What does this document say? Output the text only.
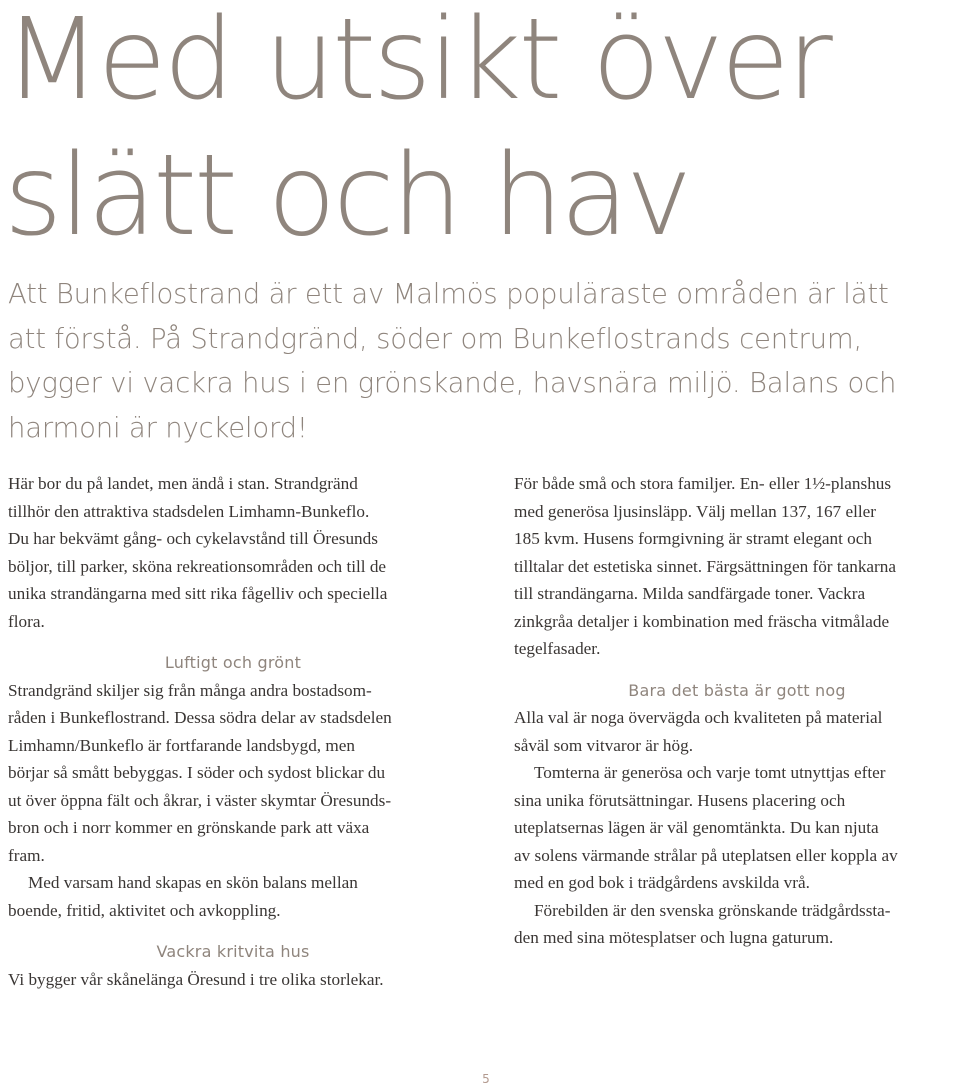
Med utsikt över
slätt och hav

Att Bunkeflostrand är ett av Malmös populäraste områden är lätt
att förstå. På Strandgränd, söder om Bunkeflostrands centrum,
bygger vi vackra hus i en grönskande, havsnära miljö. Balans och
harmoni är nyckelord!

Här bor du på landet, men ändå i stan. Strandgränd
tillhör den attraktiva stadsdelen Limhamn-Bunkeflo.
Du har bekvämt gång- och cykelavstånd till Öresunds
böljor, till parker, sköna rekreationsområden och till de
unika strandängarna med sitt rika fågelliv och speciella
flora.
Luftigt och grönt
Strandgränd skiljer sig från många andra bostadsom-
råden i Bunkeflostrand. Dessa södra delar av stadsdelen
Limhamn/Bunkeflo är fortfarande landsbygd, men
börjar så smått bebyggas. I söder och sydost blickar du
ut över öppna fält och åkrar, i väster skymtar Öresunds-
bron och i norr kommer en grönskande park att växa
fram.
Med varsam hand skapas en skön balans mellan
boende, fritid, aktivitet och avkoppling.
Vackra kritvita hus
Vi bygger vår skånelänga Öresund i tre olika storlekar.
För både små och stora familjer. En- eller 1½-planshus
med generösa ljusinsläpp. Välj mellan 137, 167 eller
185 kvm. Husens formgivning är stramt elegant och
tilltalar det estetiska sinnet. Färgsättningen för tankarna
till strandängarna. Milda sandfärgade toner. Vackra
zinkgråa detaljer i kombination med fräscha vitmålade
tegelfasader.
Bara det bästa är gott nog
Alla val är noga övervägda och kvaliteten på material
såväl som vitvaror är hög.
Tomterna är generösa och varje tomt utnyttjas efter
sina unika förutsättningar. Husens placering och
uteplatsernas lägen är väl genomtänkta. Du kan njuta
av solens värmande strålar på uteplatsen eller koppla av
med en god bok i trädgårdens avskilda vrå.
Förebilden är den svenska grönskande trädgårdssta-
den med sina mötesplatser och lugna gaturum.
5
